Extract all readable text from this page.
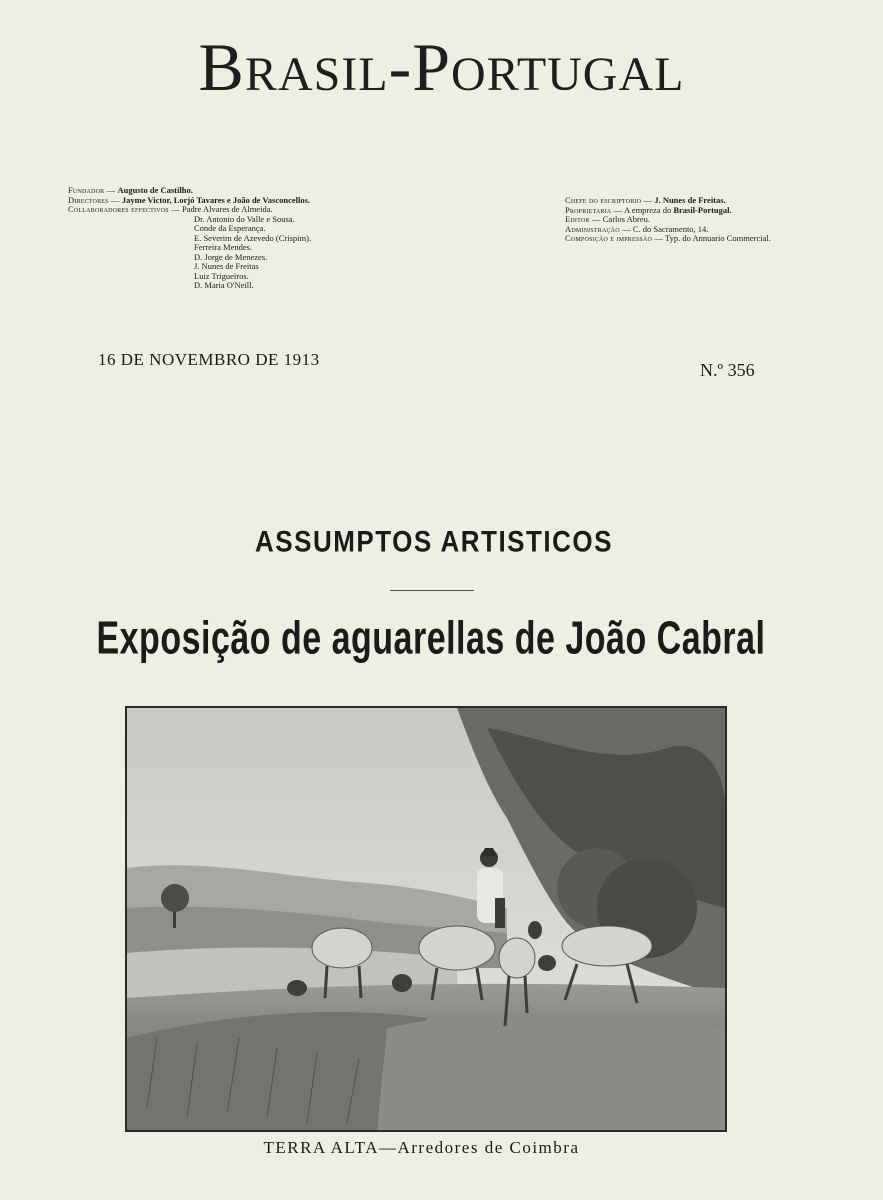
Brasil-Portugal
Fundador — Augusto de Castilho.
Directores — Jayme Victor, Lorjó Tavares e João de Vasconcellos.
Collaboradores effectivos — Padre Alvares de Almeida.
Dr. Antonio do Valle e Sousa.
Conde da Esperança.
E. Severim de Azevedo (Crispim).
Ferreira Mendes.
D. Jorge de Menezes.
J. Nunes de Freitas
Luiz Trigueiros.
D. Maria O'Neill.
Chefe do escriptorio — J. Nunes de Freitas.
Proprietaria — A empreza do Brasil-Portugal.
Editor — Carlos Abreu.
Administração — C. do Sacramento, 14.
Composição e impressão — Typ. do Annuario Commercial.
16 DE NOVEMBRO DE 1913
N.º 356
ASSUMPTOS ARTISTICOS
Exposição de aguarellas de João Cabral
TERRA ALTA—Arredores de Coimbra
